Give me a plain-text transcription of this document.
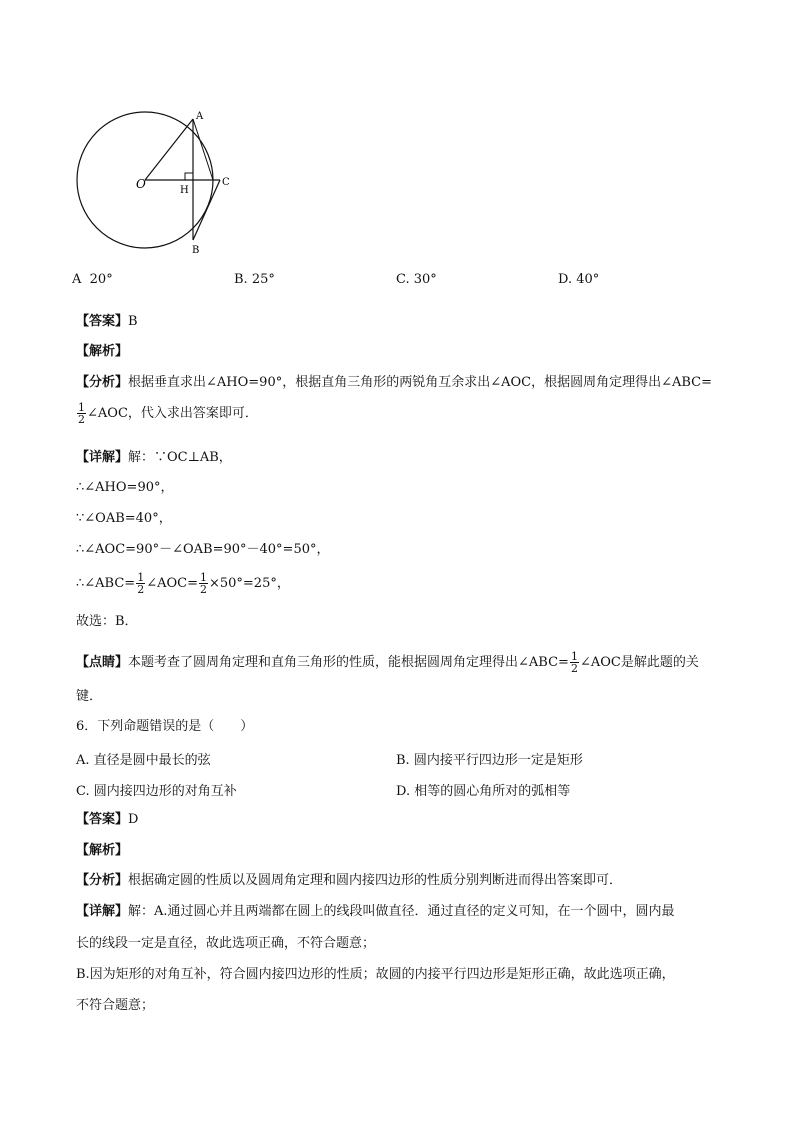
A
C
B
H
O
A 20°	B. 25°	C. 30°	D. 40°
【答案】B
【解析】
【分析】根据垂直求出∠AHO=90°，根据直角三角形的两锐角互余求出∠AOC，根据圆周角定理得出∠ABC=
$\frac{1}{2}$ ∠AOC，代入求出答案即可．
【详解】解：∵OC⊥AB，
∴∠AHO=90°，
∵∠OAB=40°，
∴∠AOC=90°－∠OAB=90°－40°=50°，
∴∠ABC= $\frac{1}{2}$ ∠AOC= $\frac{1}{2} \times 50^\circ=25^\circ$，
故选：B．
【点睛】本题考查了圆周角定理和直角三角形的性质，能根据圆周角定理得出∠ABC= $\frac{1}{2}$ ∠AOC是解此题的关
键．
6．下列命题错误的是（　　）
A. 直径是圆中最长的弦	B. 圆内接平行四边形一定是矩形
C. 圆内接四边形的对角互补	D. 相等的圆心角所对的弧相等
【答案】D
【解析】
【分析】根据确定圆的性质以及圆周角定理和圆内接四边形的性质分别判断进而得出答案即可．
【详解】解：A.通过圆心并且两端都在圆上的线段叫做直径．通过直径的定义可知，在一个圆中，圆内最
长的线段一定是直径，故此选项正确，不符合题意；
B.因为矩形的对角互补，符合圆内接四边形的性质；故圆的内接平行四边形是矩形正确，故此选项正确，
不符合题意；
